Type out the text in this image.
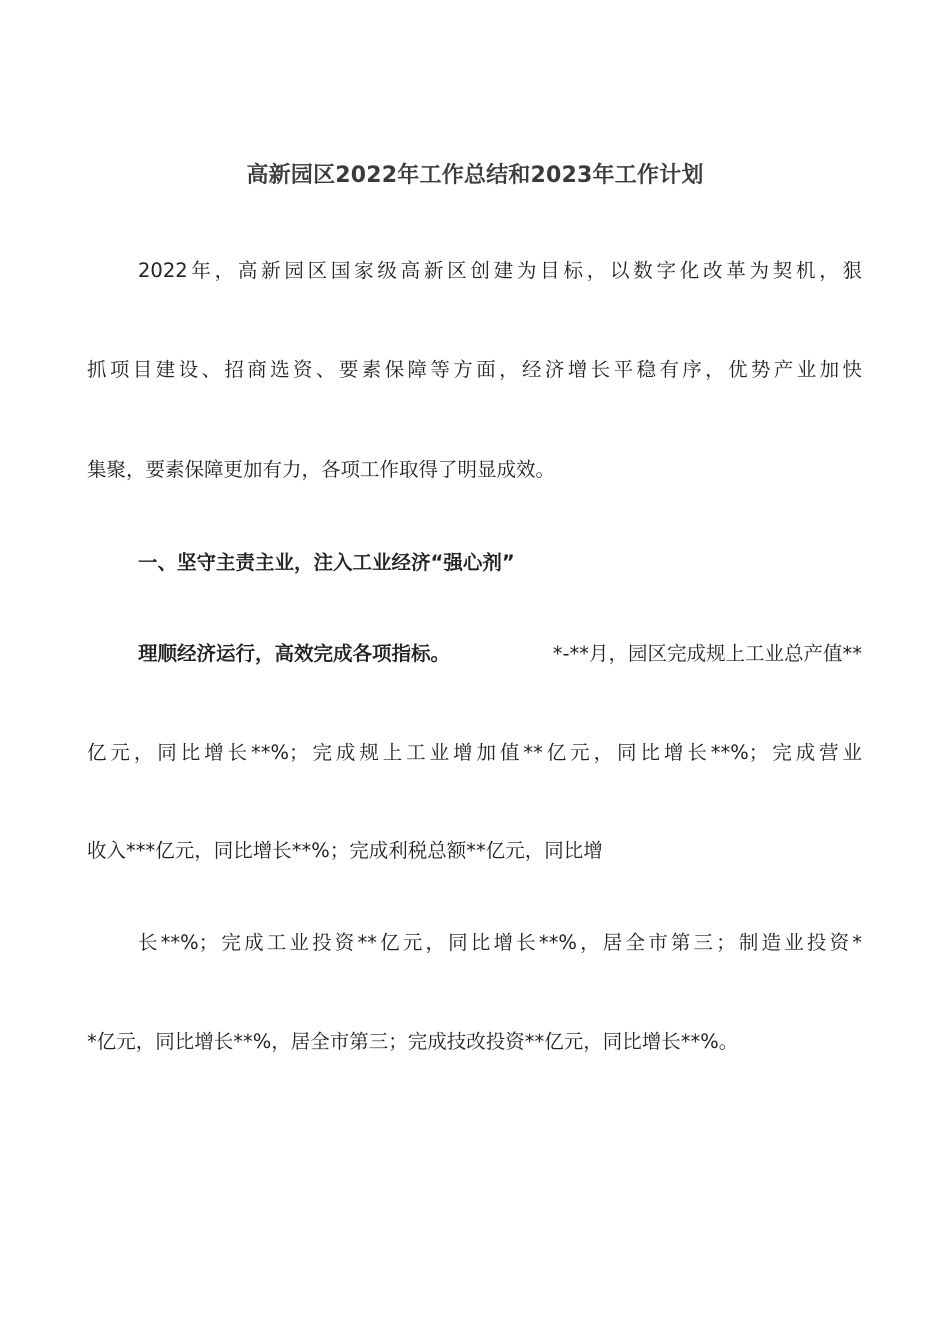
高新园区2022年工作总结和2023年工作计划
2022年，高新园区国家级高新区创建为目标，以数字化改革为契机，狠
抓项目建设、招商选资、要素保障等方面，经济增长平稳有序，优势产业加快
集聚，要素保障更加有力，各项工作取得了明显成效。
一、坚守主责主业，注入工业经济“强心剂”
理顺经济运行，高效完成各项指标。	*-**月，园区完成规上工业总产值**
亿元，同比增长**%；完成规上工业增加值**亿元，同比增长**%；完成营业
收入***亿元，同比增长**%；完成利税总额**亿元，同比增
长**%；完成工业投资**亿元，同比增长**%，居全市第三；制造业投资*
*亿元，同比增长**%，居全市第三；完成技改投资**亿元，同比增长**%。
